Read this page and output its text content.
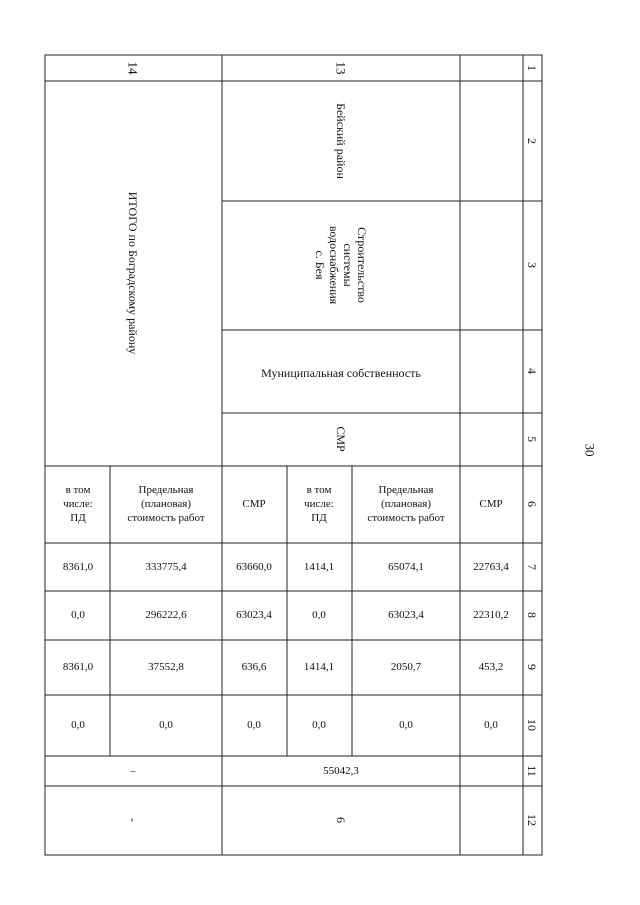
30
1
2
3
4
5
6
7
8
9
10
11
12
13
14
Бейский район
Строительство
системы
водоснабжения
с. Бея
Муниципальная собственность
СМР
ИТОГО по Боградскому району
СМР
Предельная
(плановая)
стоимость работ
в том
числе:
ПД
СМР
Предельная
(плановая)
стоимость работ
в том
числе:
ПД
22763,4
65074,1
1414,1
63660,0
333775,4
8361,0
22310,2
63023,4
0,0
63023,4
296222,6
0,0
453,2
2050,7
1414,1
636,6
37552,8
8361,0
0,0
0,0
0,0
0,0
0,0
0,0
55042,3
–
6
-
